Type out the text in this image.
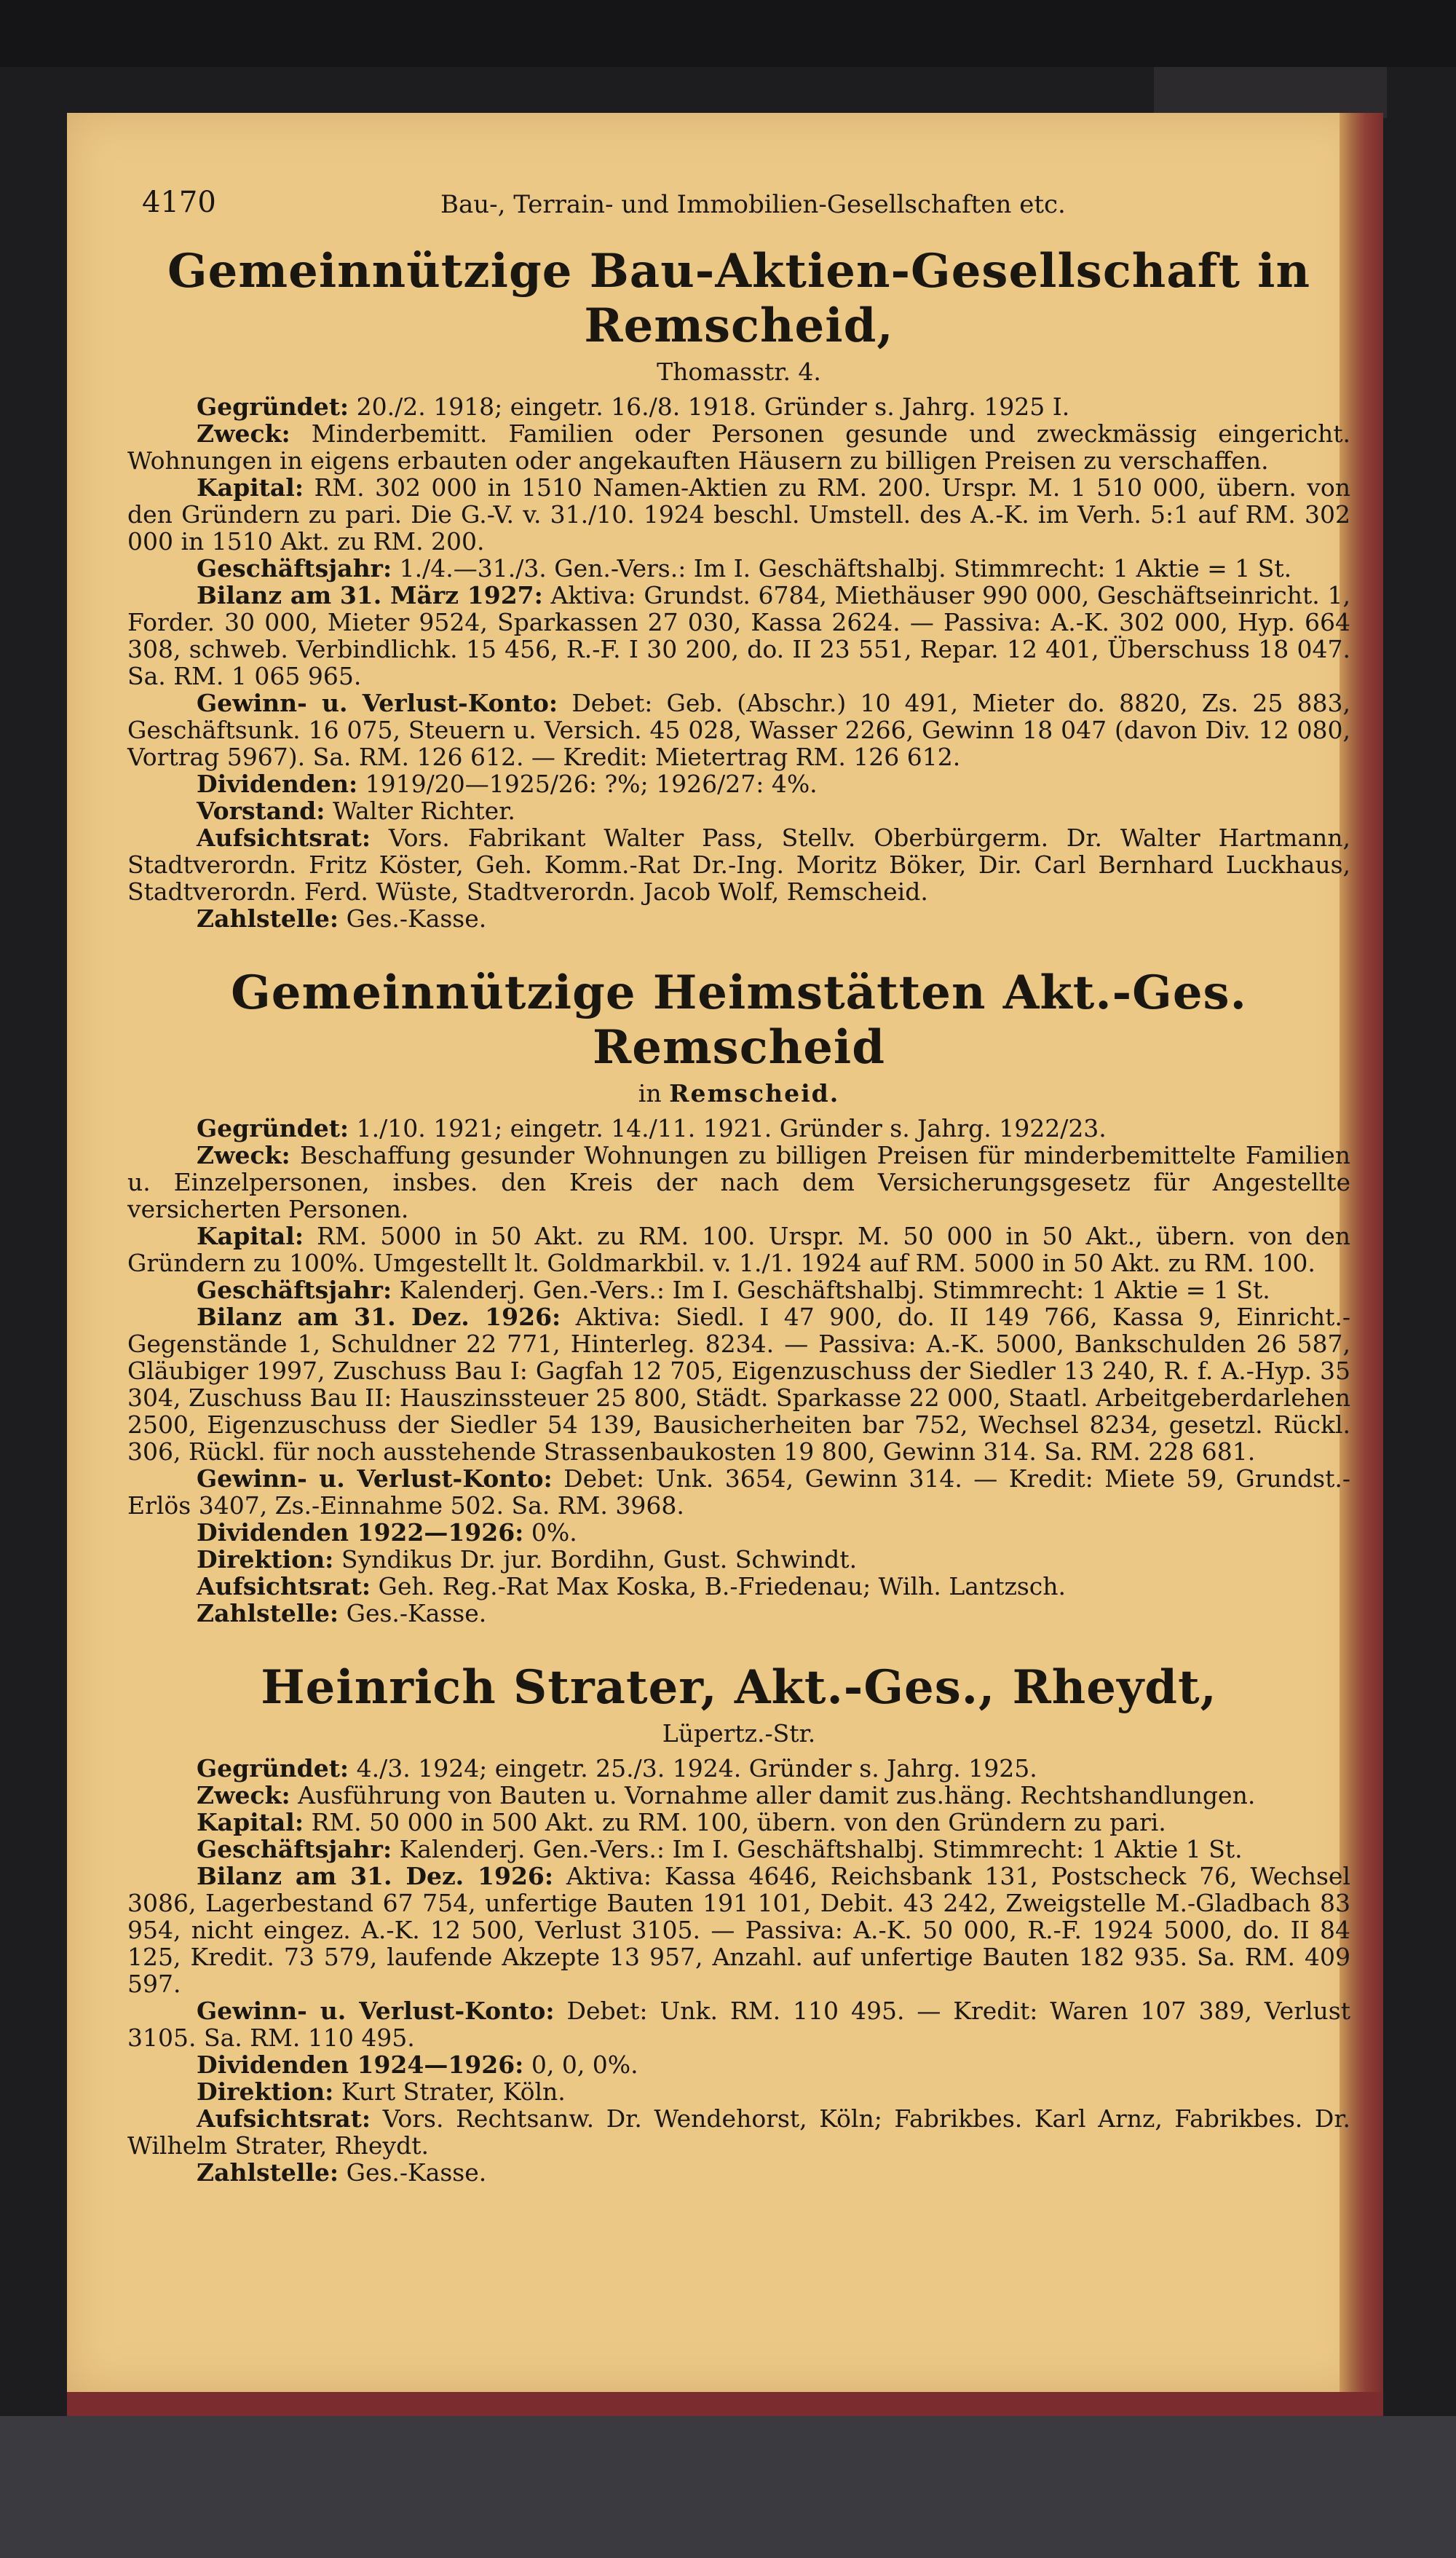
4170	Bau-, Terrain- und Immobilien-Gesellschaften etc.
Gemeinnützige Bau-Aktien-Gesellschaft in Remscheid,
Thomasstr. 4.

Gegründet: 20./2. 1918; eingetr. 16./8. 1918. Gründer s. Jahrg. 1925 I.

Zweck: Minderbemitt. Familien oder Personen gesunde und zweckmässig eingericht. Wohnungen in eigens erbauten oder angekauften Häusern zu billigen Preisen zu verschaffen.

Kapital: RM. 302 000 in 1510 Namen-Aktien zu RM. 200. Urspr. M. 1 510 000, übern. von den Gründern zu pari. Die G.-V. v. 31./10. 1924 beschl. Umstell. des A.-K. im Verh. 5:1 auf RM. 302 000 in 1510 Akt. zu RM. 200.

Geschäftsjahr: 1./4.—31./3. Gen.-Vers.: Im I. Geschäftshalbj. Stimmrecht: 1 Aktie = 1 St.

Bilanz am 31. März 1927: Aktiva: Grundst. 6784, Miethäuser 990 000, Geschäftseinricht. 1, Forder. 30 000, Mieter 9524, Sparkassen 27 030, Kassa 2624. — Passiva: A.-K. 302 000, Hyp. 664 308, schweb. Verbindlichk. 15 456, R.-F. I 30 200, do. II 23 551, Repar. 12 401, Überschuss 18 047. Sa. RM. 1 065 965.

Gewinn- u. Verlust-Konto: Debet: Geb. (Abschr.) 10 491, Mieter do. 8820, Zs. 25 883, Geschäftsunk. 16 075, Steuern u. Versich. 45 028, Wasser 2266, Gewinn 18 047 (davon Div. 12 080, Vortrag 5967). Sa. RM. 126 612. — Kredit: Mietertrag RM. 126 612.

Dividenden: 1919/20—1925/26: ?%; 1926/27: 4%.

Vorstand: Walter Richter.

Aufsichtsrat: Vors. Fabrikant Walter Pass, Stellv. Oberbürgerm. Dr. Walter Hartmann, Stadtverordn. Fritz Köster, Geh. Komm.-Rat Dr.-Ing. Moritz Böker, Dir. Carl Bernhard Luckhaus, Stadtverordn. Ferd. Wüste, Stadtverordn. Jacob Wolf, Remscheid.

Zahlstelle: Ges.-Kasse.

Gemeinnützige Heimstätten Akt.-Ges. Remscheid
in Remscheid.

Gegründet: 1./10. 1921; eingetr. 14./11. 1921. Gründer s. Jahrg. 1922/23.

Zweck: Beschaffung gesunder Wohnungen zu billigen Preisen für minderbemittelte Familien u. Einzelpersonen, insbes. den Kreis der nach dem Versicherungsgesetz für Angestellte versicherten Personen.

Kapital: RM. 5000 in 50 Akt. zu RM. 100. Urspr. M. 50 000 in 50 Akt., übern. von den Gründern zu 100%. Umgestellt lt. Goldmarkbil. v. 1./1. 1924 auf RM. 5000 in 50 Akt. zu RM. 100.

Geschäftsjahr: Kalenderj. Gen.-Vers.: Im I. Geschäftshalbj. Stimmrecht: 1 Aktie = 1 St.

Bilanz am 31. Dez. 1926: Aktiva: Siedl. I 47 900, do. II 149 766, Kassa 9, Einricht.-Gegenstände 1, Schuldner 22 771, Hinterleg. 8234. — Passiva: A.-K. 5000, Bankschulden 26 587, Gläubiger 1997, Zuschuss Bau I: Gagfah 12 705, Eigenzuschuss der Siedler 13 240, R. f. A.-Hyp. 35 304, Zuschuss Bau II: Hauszinssteuer 25 800, Städt. Sparkasse 22 000, Staatl. Arbeitgeberdarlehen 2500, Eigenzuschuss der Siedler 54 139, Bausicherheiten bar 752, Wechsel 8234, gesetzl. Rückl. 306, Rückl. für noch ausstehende Strassenbaukosten 19 800, Gewinn 314. Sa. RM. 228 681.

Gewinn- u. Verlust-Konto: Debet: Unk. 3654, Gewinn 314. — Kredit: Miete 59, Grundst.-Erlös 3407, Zs.-Einnahme 502. Sa. RM. 3968.

Dividenden 1922—1926: 0%.

Direktion: Syndikus Dr. jur. Bordihn, Gust. Schwindt.

Aufsichtsrat: Geh. Reg.-Rat Max Koska, B.-Friedenau; Wilh. Lantzsch.

Zahlstelle: Ges.-Kasse.

Heinrich Strater, Akt.-Ges., Rheydt,
Lüpertz.-Str.

Gegründet: 4./3. 1924; eingetr. 25./3. 1924. Gründer s. Jahrg. 1925.

Zweck: Ausführung von Bauten u. Vornahme aller damit zus.häng. Rechtshandlungen.

Kapital: RM. 50 000 in 500 Akt. zu RM. 100, übern. von den Gründern zu pari.

Geschäftsjahr: Kalenderj. Gen.-Vers.: Im I. Geschäftshalbj. Stimmrecht: 1 Aktie 1 St.

Bilanz am 31. Dez. 1926: Aktiva: Kassa 4646, Reichsbank 131, Postscheck 76, Wechsel 3086, Lagerbestand 67 754, unfertige Bauten 191 101, Debit. 43 242, Zweigstelle M.-Gladbach 83 954, nicht eingez. A.-K. 12 500, Verlust 3105. — Passiva: A.-K. 50 000, R.-F. 1924 5000, do. II 84 125, Kredit. 73 579, laufende Akzepte 13 957, Anzahl. auf unfertige Bauten 182 935. Sa. RM. 409 597.

Gewinn- u. Verlust-Konto: Debet: Unk. RM. 110 495. — Kredit: Waren 107 389, Verlust 3105. Sa. RM. 110 495.

Dividenden 1924—1926: 0, 0, 0%.

Direktion: Kurt Strater, Köln.

Aufsichtsrat: Vors. Rechtsanw. Dr. Wendehorst, Köln; Fabrikbes. Karl Arnz, Fabrikbes. Dr. Wilhelm Strater, Rheydt.

Zahlstelle: Ges.-Kasse.
